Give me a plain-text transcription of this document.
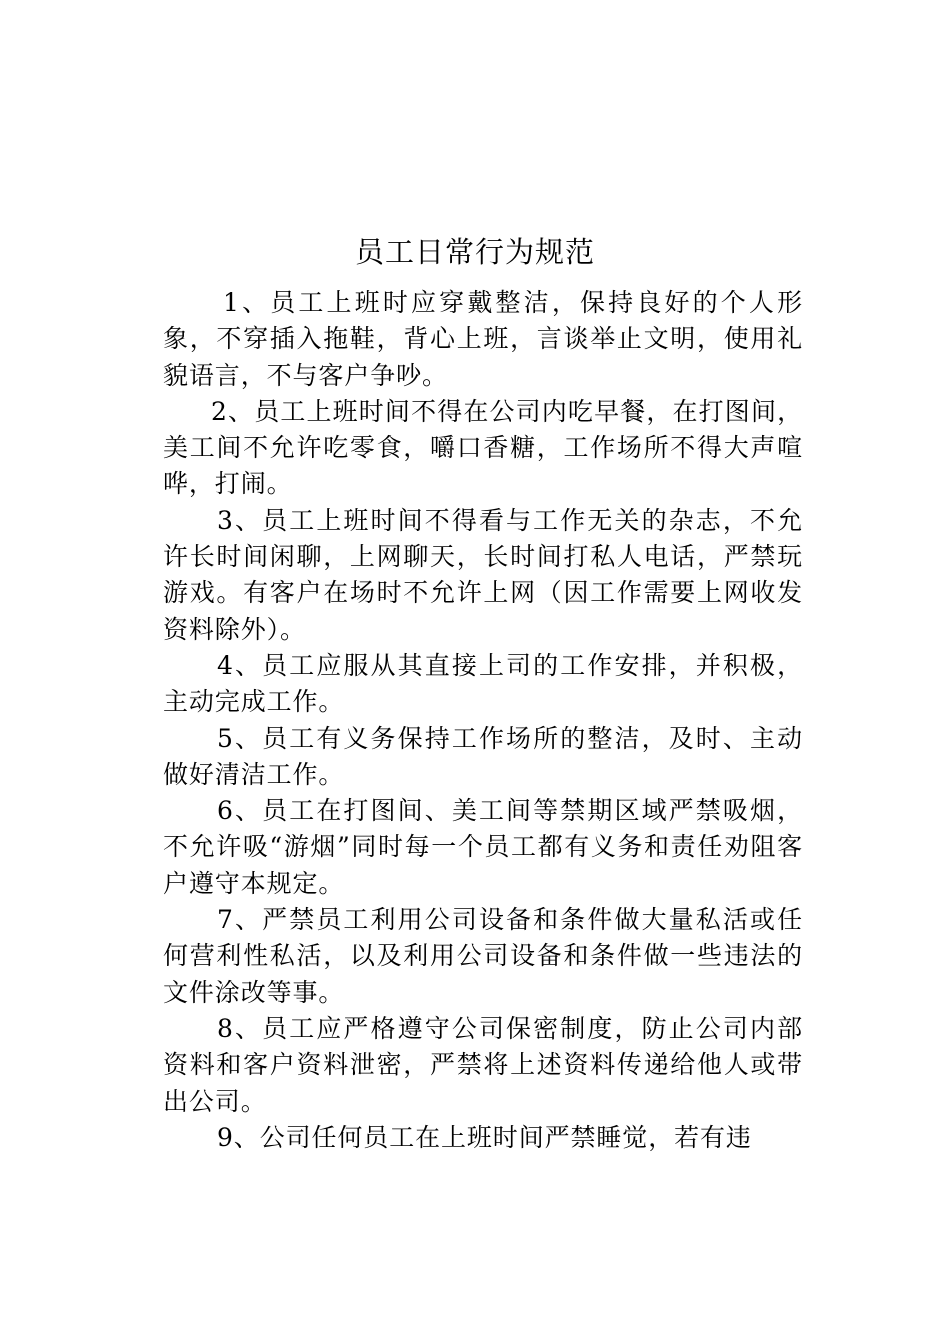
员工日常行为规范

1、员工上班时应穿戴整洁，保持良好的个人形象，不穿插入拖鞋，背心上班，言谈举止文明，使用礼貌语言，不与客户争吵。

2、员工上班时间不得在公司内吃早餐，在打图间，美工间不允许吃零食，嚼口香糖，工作场所不得大声喧哗，打闹。

3、员工上班时间不得看与工作无关的杂志，不允许长时间闲聊，上网聊天，长时间打私人电话，严禁玩游戏。有客户在场时不允许上网（因工作需要上网收发资料除外）。

4、员工应服从其直接上司的工作安排，并积极，主动完成工作。

5、员工有义务保持工作场所的整洁，及时、主动做好清洁工作。

6、员工在打图间、美工间等禁期区域严禁吸烟，不允许吸“游烟”同时每一个员工都有义务和责任劝阻客户遵守本规定。

7、严禁员工利用公司设备和条件做大量私活或任何营利性私活，以及利用公司设备和条件做一些违法的文件涂改等事。

8、员工应严格遵守公司保密制度，防止公司内部资料和客户资料泄密，严禁将上述资料传递给他人或带出公司。

9、公司任何员工在上班时间严禁睡觉，若有违
